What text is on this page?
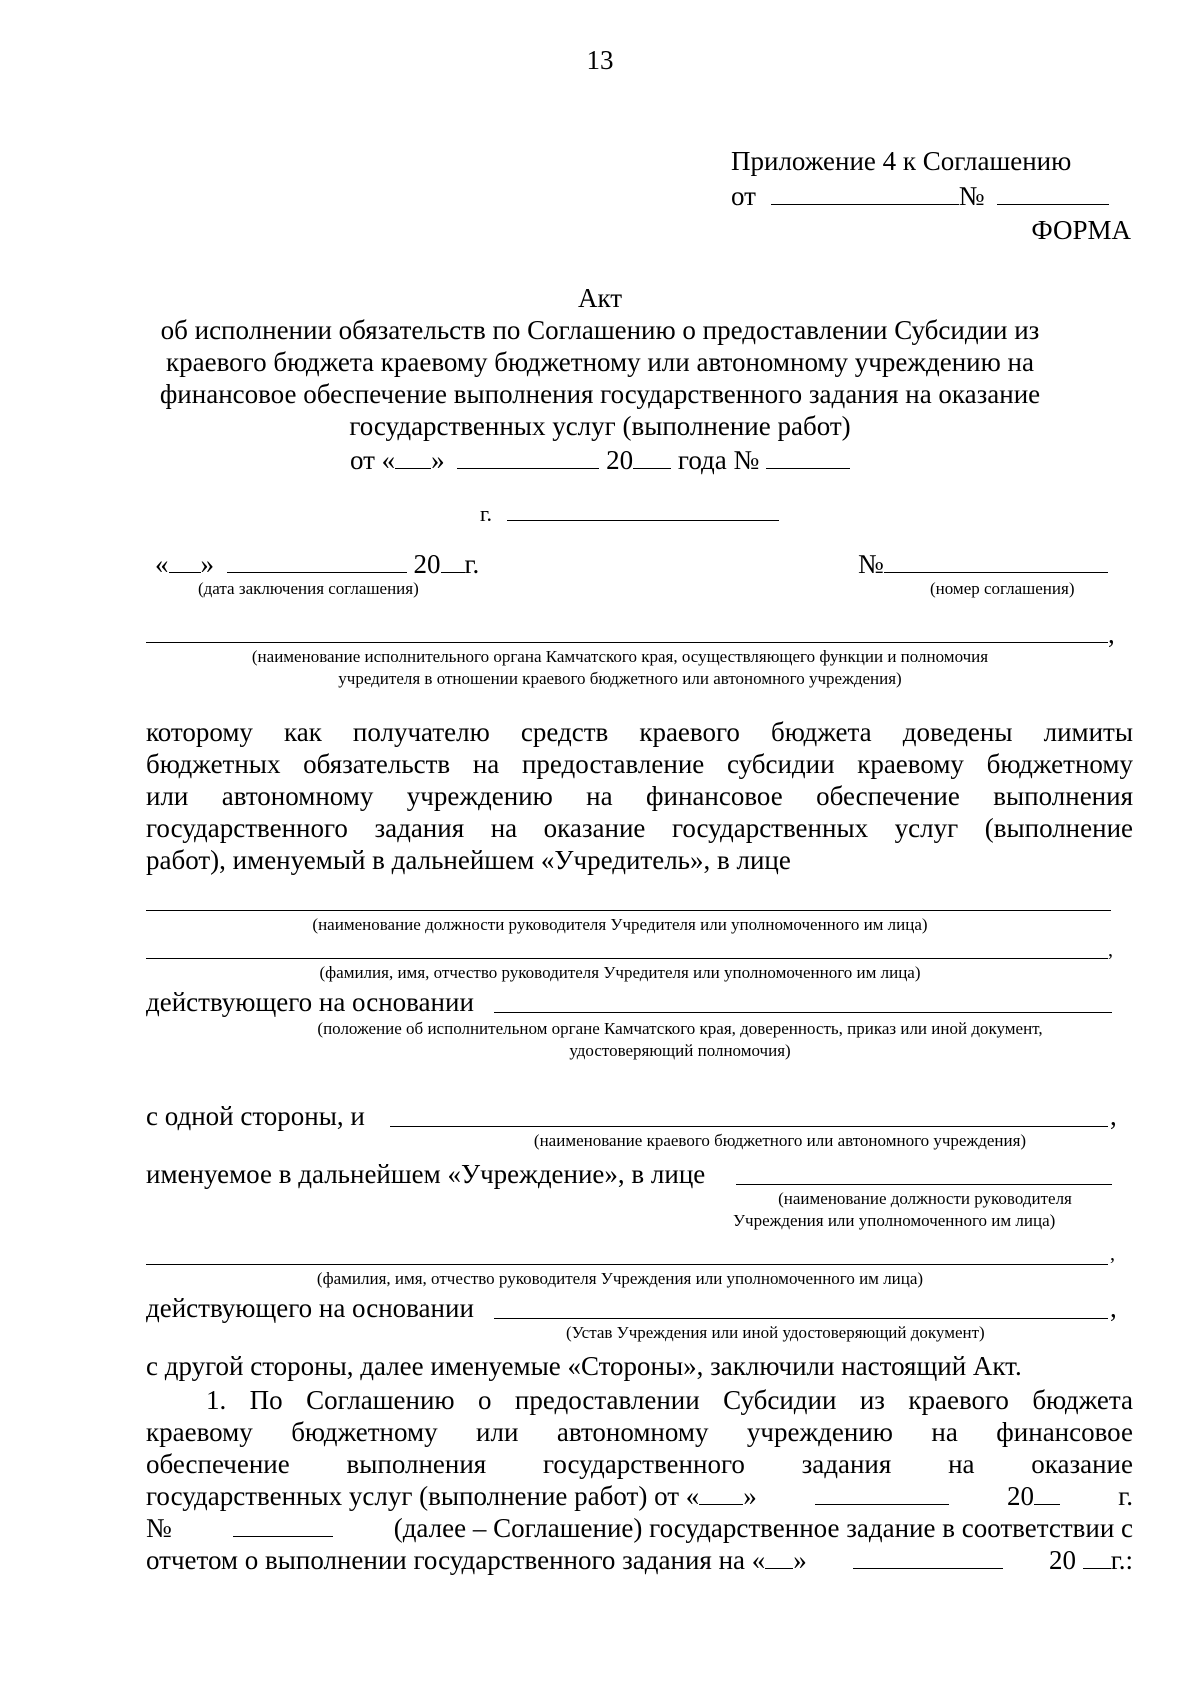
13
Приложение 4 к Соглашению
от	№
ФОРМА
Акт
об исполнении обязательств по Соглашению о предоставлении Субсидии из
краевого бюджета краевому бюджетному или автономному учреждению на
финансовое обеспечение выполнения государственного задания на оказание
государственных услуг (выполнение работ)
от « »	20 года №
г.
« »	20 г.	№
(дата заключения соглашения)	(номер соглашения)
,
(наименование исполнительного органа Камчатского края, осуществляющего функции и полномочия
учредителя в отношении краевого бюджетного или автономного учреждения)
которому как получателю средств краевого бюджета доведены лимиты
бюджетных обязательств на предоставление субсидии краевому бюджетному
или автономному учреждению на финансовое обеспечение выполнения
государственного задания на оказание государственных услуг (выполнение
работ), именуемый в дальнейшем «Учредитель», в лице
(наименование должности руководителя Учредителя или уполномоченного им лица)
,
(фамилия, имя, отчество руководителя Учредителя или уполномоченного им лица)
действующего на основании
(положение об исполнительном органе Камчатского края, доверенность, приказ или иной документ,
удостоверяющий полномочия)
с одной стороны, и	,
(наименование краевого бюджетного или автономного учреждения)
именуемое в дальнейшем «Учреждение», в лице
(наименование должности руководителя
Учреждения или уполномоченного им лица)
,
(фамилия, имя, отчество руководителя Учреждения или уполномоченного им лица)
действующего на основании	,
(Устав Учреждения или иной удостоверяющий документ)
с другой стороны, далее именуемые «Стороны», заключили настоящий Акт.
1. По Соглашению о предоставлении Субсидии из краевого бюджета
краевому бюджетному или автономному учреждению на финансовое
обеспечение выполнения государственного задания на оказание
государственных услуг (выполнение работ) от « »	20	г.
№	(далее – Соглашение) государственное задание в соответствии с
отчетом о выполнении государственного задания на « »	20 г.:
